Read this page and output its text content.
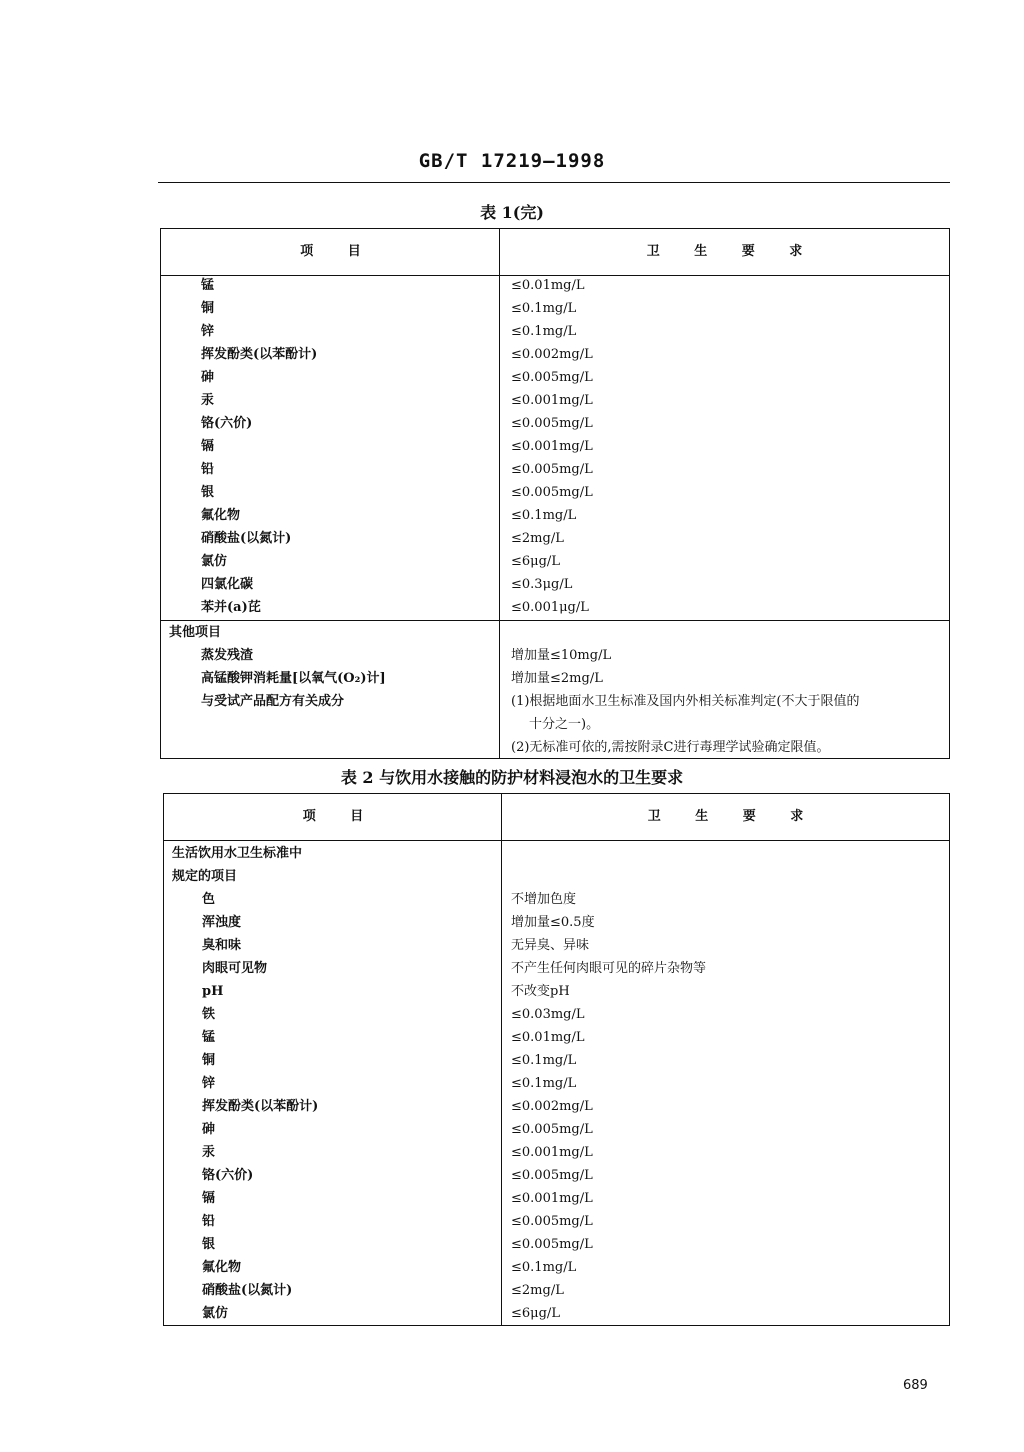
GB/T 17219—1998
表 1(完)
项 目	卫 生 要 求
锰	≤0.01mg/L
铜	≤0.1mg/L
锌	≤0.1mg/L
挥发酚类(以苯酚计)	≤0.002mg/L
砷	≤0.005mg/L
汞	≤0.001mg/L
铬(六价)	≤0.005mg/L
镉	≤0.001mg/L
铅	≤0.005mg/L
银	≤0.005mg/L
氟化物	≤0.1mg/L
硝酸盐(以氮计)	≤2mg/L
氯仿	≤6μg/L
四氯化碳	≤0.3μg/L
苯并(a)芘	≤0.001μg/L
其他项目
蒸发残渣	增加量≤10mg/L
高锰酸钾消耗量[以氧气(O₂)计]	增加量≤2mg/L
与受试产品配方有关成分	(1)根据地面水卫生标准及国内外相关标准判定(不大于限值的
十分之一)。
(2)无标准可依的,需按附录C进行毒理学试验确定限值。
表 2 与饮用水接触的防护材料浸泡水的卫生要求
项 目	卫 生 要 求
生活饮用水卫生标准中
规定的项目
色	不增加色度
浑浊度	增加量≤0.5度
臭和味	无异臭、异味
肉眼可见物	不产生任何肉眼可见的碎片杂物等
pH	不改变pH
铁	≤0.03mg/L
锰	≤0.01mg/L
铜	≤0.1mg/L
锌	≤0.1mg/L
挥发酚类(以苯酚计)	≤0.002mg/L
砷	≤0.005mg/L
汞	≤0.001mg/L
铬(六价)	≤0.005mg/L
镉	≤0.001mg/L
铅	≤0.005mg/L
银	≤0.005mg/L
氟化物	≤0.1mg/L
硝酸盐(以氮计)	≤2mg/L
氯仿	≤6μg/L
689
